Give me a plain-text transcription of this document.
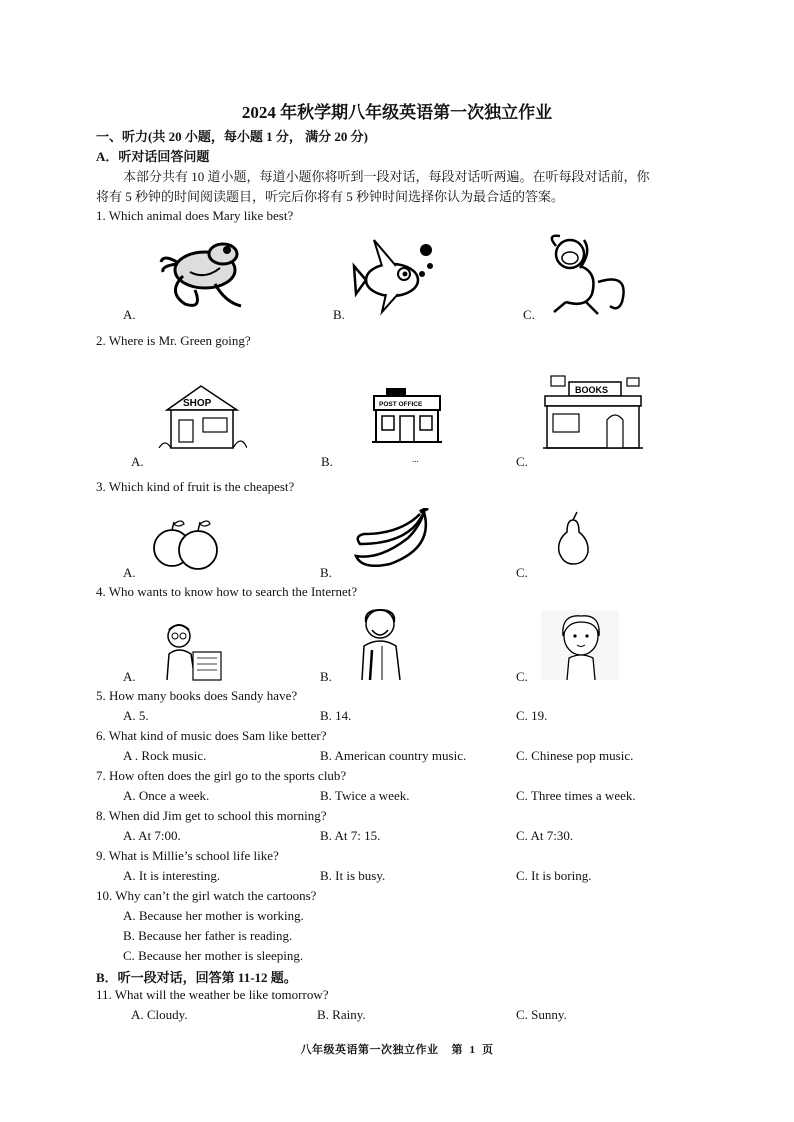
2024 年秋学期八年级英语第一次独立作业
一、听力(共 20 小题，每小题 1 分， 满分 20 分)
A．听对话回答问题
本部分共有 10 道小题，每道小题你将听到一段对话，每段对话听两遍。在听每段对话前，你
将有 5 秒钟的时间阅读题目，听完后你将有 5 秒钟时间选择你认为最合适的答案。
1. Which animal does Mary like best?
A.	B.	C.
2. Where is Mr. Green going?
A.	B.	...	C.
SHOP	POST OFFICE
BOOKS
3. Which kind of fruit is the cheapest?
A.	B.	C.
4. Who wants to know how to search the Internet?
A.	B.	C.
5. How many books does Sandy have?
A. 5.	B. 14.	C. 19.
6. What kind of music does Sam like better?
A . Rock music.	B. American country music.	C. Chinese pop music.
7. How often does the girl go to the sports club?
A. Once a week.	B. Twice a week.	C. Three times a week.
8. When did Jim get to school this morning?
A. At 7:00.	B. At 7: 15.	C. At 7:30.
9. What is Millie’s school life like?
A. It is interesting.	B. It is busy.	C. It is boring.
10. Why can’t the girl watch the cartoons?
A. Because her mother is working.
B. Because her father is reading.
C. Because her mother is sleeping.
B．听一段对话，回答第 11-12 题。
11. What will the weather be like tomorrow?
A. Cloudy.	B. Rainy.	C. Sunny.
八年级英语第一次独立作业    第  1  页
